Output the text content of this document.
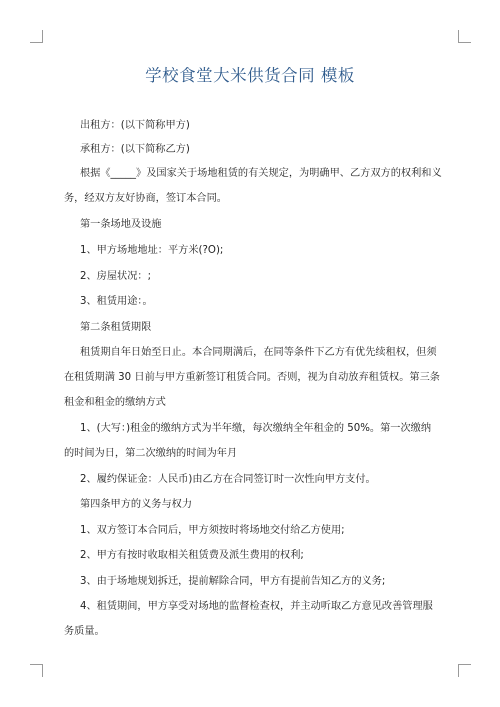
学校食堂大米供货合同 模板
出租方：(以下简称甲方)
承租方：(以下简称乙方)
根据《_____》及国家关于场地租赁的有关规定，为明确甲、乙方双方的权利和义
务，经双方友好协商，签订本合同。
第一条场地及设施
1、甲方场地地址：平方米(?O);
2、房屋状况：;
3、租赁用途：。
第二条租赁期限
租赁期自年日始至日止。本合同期满后，在同等条件下乙方有优先续租权，但须
在租赁期满 30 日前与甲方重新签订租赁合同。否则，视为自动放弃租赁权。第三条
租金和租金的缴纳方式
1、(大写：)租金的缴纳方式为半年缴，每次缴纳全年租金的 50%。第一次缴纳
的时间为日，第二次缴纳的时间为年月
2、履约保证金：人民币)由乙方在合同签订时一次性向甲方支付。
第四条甲方的义务与权力
1、双方签订本合同后，甲方须按时将场地交付给乙方使用;
2、甲方有按时收取相关租赁费及派生费用的权利;
3、由于场地规划拆迁，提前解除合同，甲方有提前告知乙方的义务;
4、租赁期间，甲方享受对场地的监督检查权，并主动听取乙方意见改善管理服
务质量。
